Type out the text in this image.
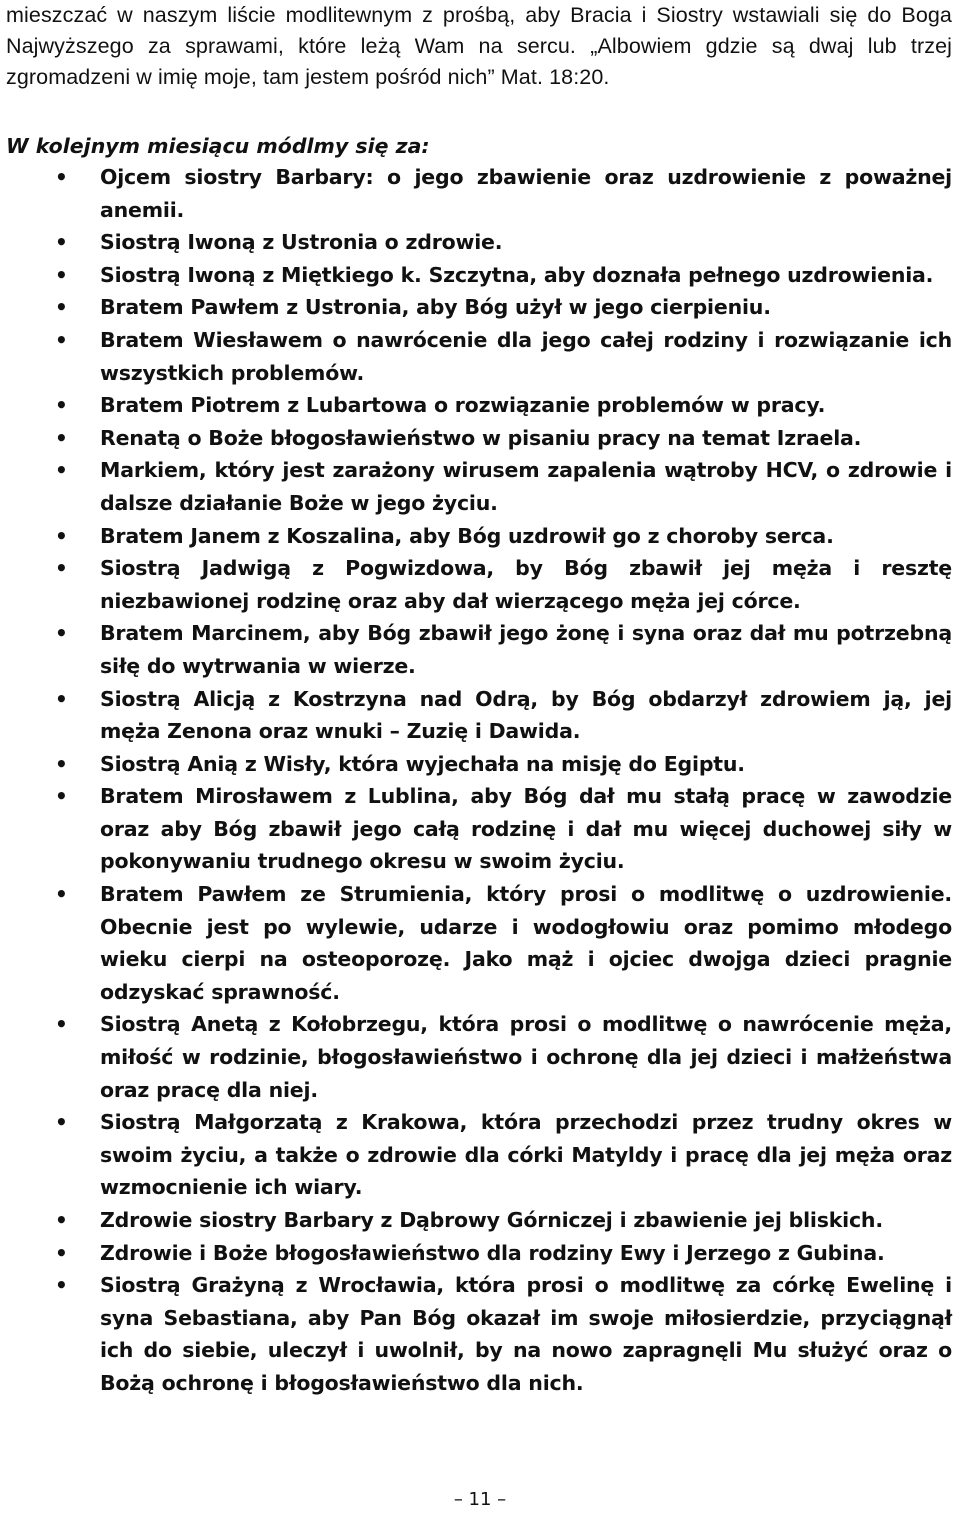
mieszczać w naszym liście modlitewnym z prośbą, aby Bracia i Siostry wstawiali się do Boga Najwyższego za sprawami, które leżą Wam na sercu. „Albowiem gdzie są dwaj lub trzej zgromadzeni w imię moje, tam jestem pośród nich” Mat. 18:20.

W kolejnym miesiącu módlmy się za:
• Ojcem siostry Barbary: o jego zbawienie oraz uzdrowienie z poważnej anemii.
• Siostrą Iwoną z Ustronia o zdrowie.
• Siostrą Iwoną z Miętkiego k. Szczytna, aby doznała pełnego uzdrowienia.
• Bratem Pawłem z Ustronia, aby Bóg użył w jego cierpieniu.
• Bratem Wiesławem o nawrócenie dla jego całej rodziny i rozwiązanie ich wszystkich problemów.
• Bratem Piotrem z Lubartowa o rozwiązanie problemów w pracy.
• Renatą o Boże błogosławieństwo w pisaniu pracy na temat Izraela.
• Markiem, który jest zarażony wirusem zapalenia wątroby HCV, o zdrowie i dalsze działanie Boże w jego życiu.
• Bratem Janem z Koszalina, aby Bóg uzdrowił go z choroby serca.
• Siostrą Jadwigą z Pogwizdowa, by Bóg zbawił jej męża i resztę niezbawionej rodzinę oraz aby dał wierzącego męża jej córce.
• Bratem Marcinem, aby Bóg zbawił jego żonę i syna oraz dał mu potrzebną siłę do wytrwania w wierze.
• Siostrą Alicją z Kostrzyna nad Odrą, by Bóg obdarzył zdrowiem ją, jej męża Zenona oraz wnuki – Zuzię i Dawida.
• Siostrą Anią z Wisły, która wyjechała na misję do Egiptu.
• Bratem Mirosławem z Lublina, aby Bóg dał mu stałą pracę w zawodzie oraz aby Bóg zbawił jego całą rodzinę i dał mu więcej duchowej siły w pokonywaniu trudnego okresu w swoim życiu.
• Bratem Pawłem ze Strumienia, który prosi o modlitwę o uzdrowienie. Obecnie jest po wylewie, udarze i wodogłowiu oraz pomimo młodego wieku cierpi na osteoporozę. Jako mąż i ojciec dwojga dzieci pragnie odzyskać sprawność.
• Siostrą Anetą z Kołobrzegu, która prosi o modlitwę o nawrócenie męża, miłość w rodzinie, błogosławieństwo i ochronę dla jej dzieci i małżeństwa oraz pracę dla niej.
• Siostrą Małgorzatą z Krakowa, która przechodzi przez trudny okres w swoim życiu, a także o zdrowie dla córki Matyldy i pracę dla jej męża oraz wzmocnienie ich wiary.
• Zdrowie siostry Barbary z Dąbrowy Górniczej i zbawienie jej bliskich.
• Zdrowie i Boże błogosławieństwo dla rodziny Ewy i Jerzego z Gubina.
• Siostrą Grażyną z Wrocławia, która prosi o modlitwę za córkę Ewelinę i syna Sebastiana, aby Pan Bóg okazał im swoje miłosierdzie, przyciągnął ich do siebie, uleczył i uwolnił, by na nowo zapragnęli Mu służyć oraz o Bożą ochronę i błogosławieństwo dla nich.
– 11 –
